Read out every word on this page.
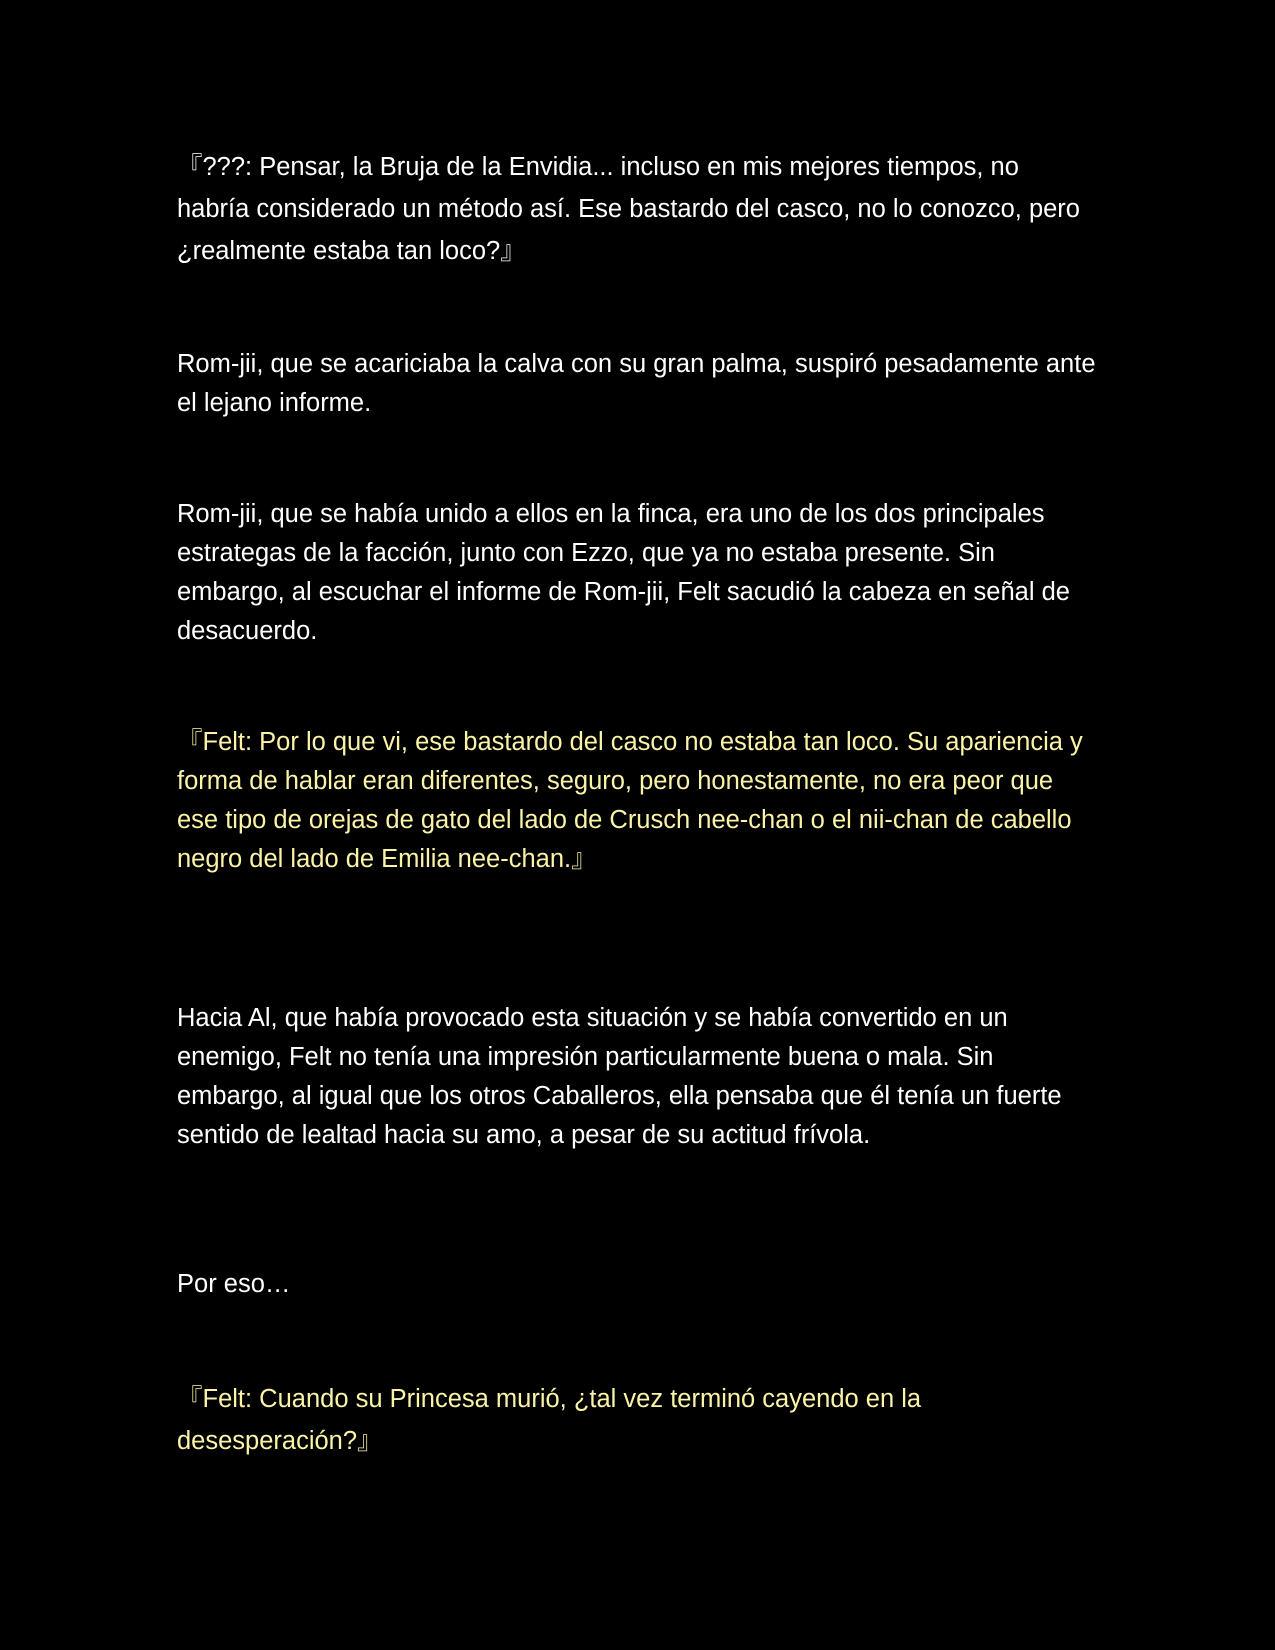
『???: Pensar, la Bruja de la Envidia... incluso en mis mejores tiempos, no habría considerado un método así. Ese bastardo del casco, no lo conozco, pero ¿realmente estaba tan loco?』

Rom-jii, que se acariciaba la calva con su gran palma, suspiró pesadamente ante el lejano informe.

Rom-jii, que se había unido a ellos en la finca, era uno de los dos principales estrategas de la facción, junto con Ezzo, que ya no estaba presente. Sin embargo, al escuchar el informe de Rom-jii, Felt sacudió la cabeza en señal de desacuerdo.

『Felt: Por lo que vi, ese bastardo del casco no estaba tan loco. Su apariencia y forma de hablar eran diferentes, seguro, pero honestamente, no era peor que ese tipo de orejas de gato del lado de Crusch nee-chan o el nii-chan de cabello negro del lado de Emilia nee-chan.』

Hacia Al, que había provocado esta situación y se había convertido en un enemigo, Felt no tenía una impresión particularmente buena o mala. Sin embargo, al igual que los otros Caballeros, ella pensaba que él tenía un fuerte sentido de lealtad hacia su amo, a pesar de su actitud frívola.

Por eso…

『Felt: Cuando su Princesa murió, ¿tal vez terminó cayendo en la desesperación?』
